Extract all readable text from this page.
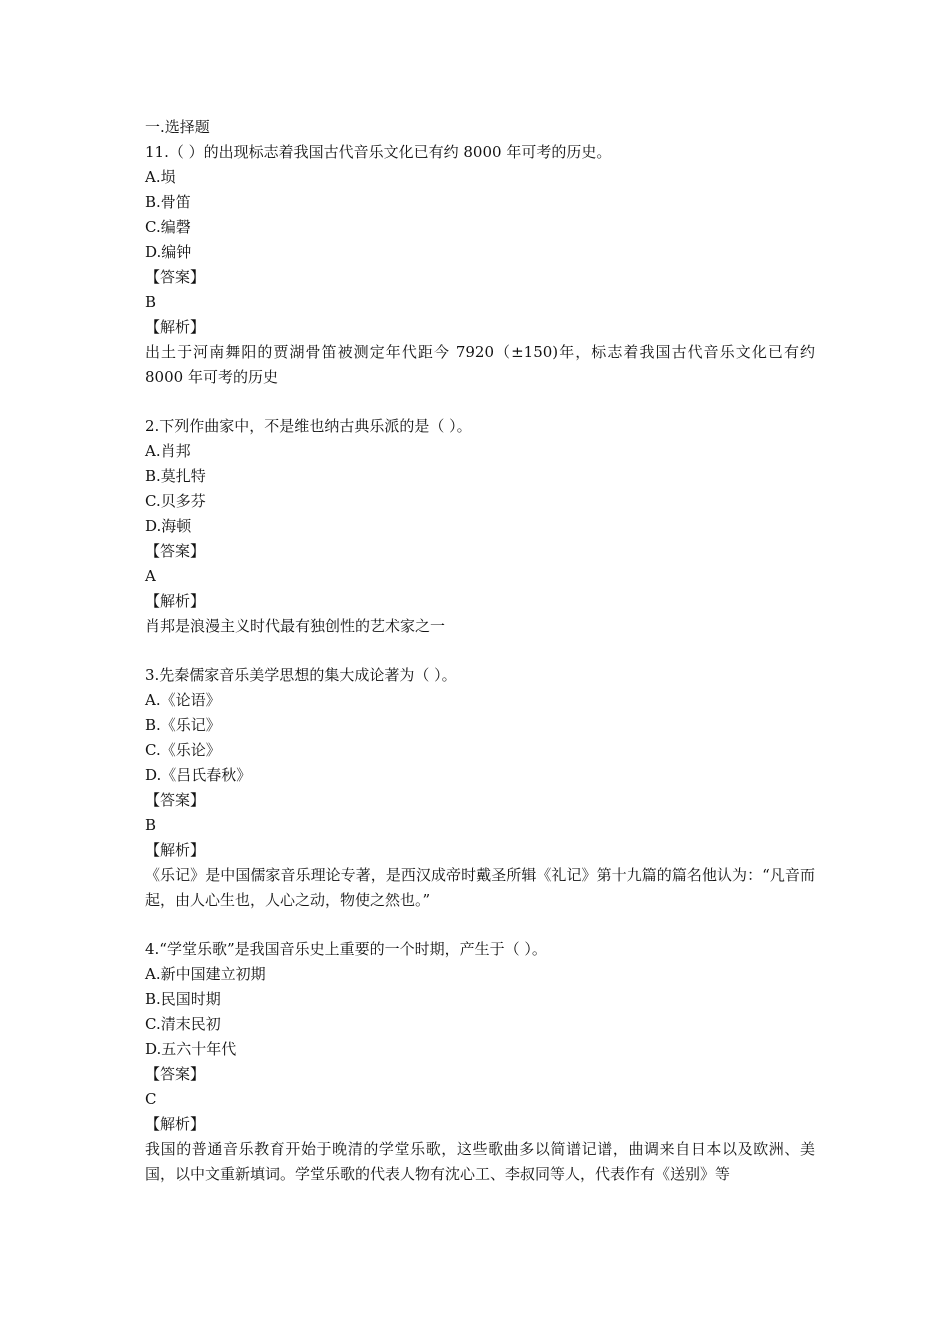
一.选择题
11.（ ）的出现标志着我国古代音乐文化已有约 8000 年可考的历史。
A.埙
B.骨笛
C.编磬
D.编钟
【答案】
B
【解析】
出土于河南舞阳的贾湖骨笛被测定年代距今 7920（±150)年，标志着我国古代音乐文化已有约 8000 年可考的历史
2.下列作曲家中，不是维也纳古典乐派的是（ ）。
A.肖邦
B.莫扎特
C.贝多芬
D.海顿
【答案】
A
【解析】
肖邦是浪漫主义时代最有独创性的艺术家之一
3.先秦儒家音乐美学思想的集大成论著为（ ）。
A.《论语》
B.《乐记》
C.《乐论》
D.《吕氏春秋》
【答案】
B
【解析】
《乐记》是中国儒家音乐理论专著，是西汉成帝时戴圣所辑《礼记》第十九篇的篇名他认为：“凡音而起，由人心生也，人心之动，物使之然也。”
4.“学堂乐歌”是我国音乐史上重要的一个时期，产生于（ ）。
A.新中国建立初期
B.民国时期
C.清末民初
D.五六十年代
【答案】
C
【解析】
我国的普通音乐教育开始于晚清的学堂乐歌，这些歌曲多以简谱记谱，曲调来自日本以及欧洲、美国，以中文重新填词。学堂乐歌的代表人物有沈心工、李叔同等人，代表作有《送别》等
